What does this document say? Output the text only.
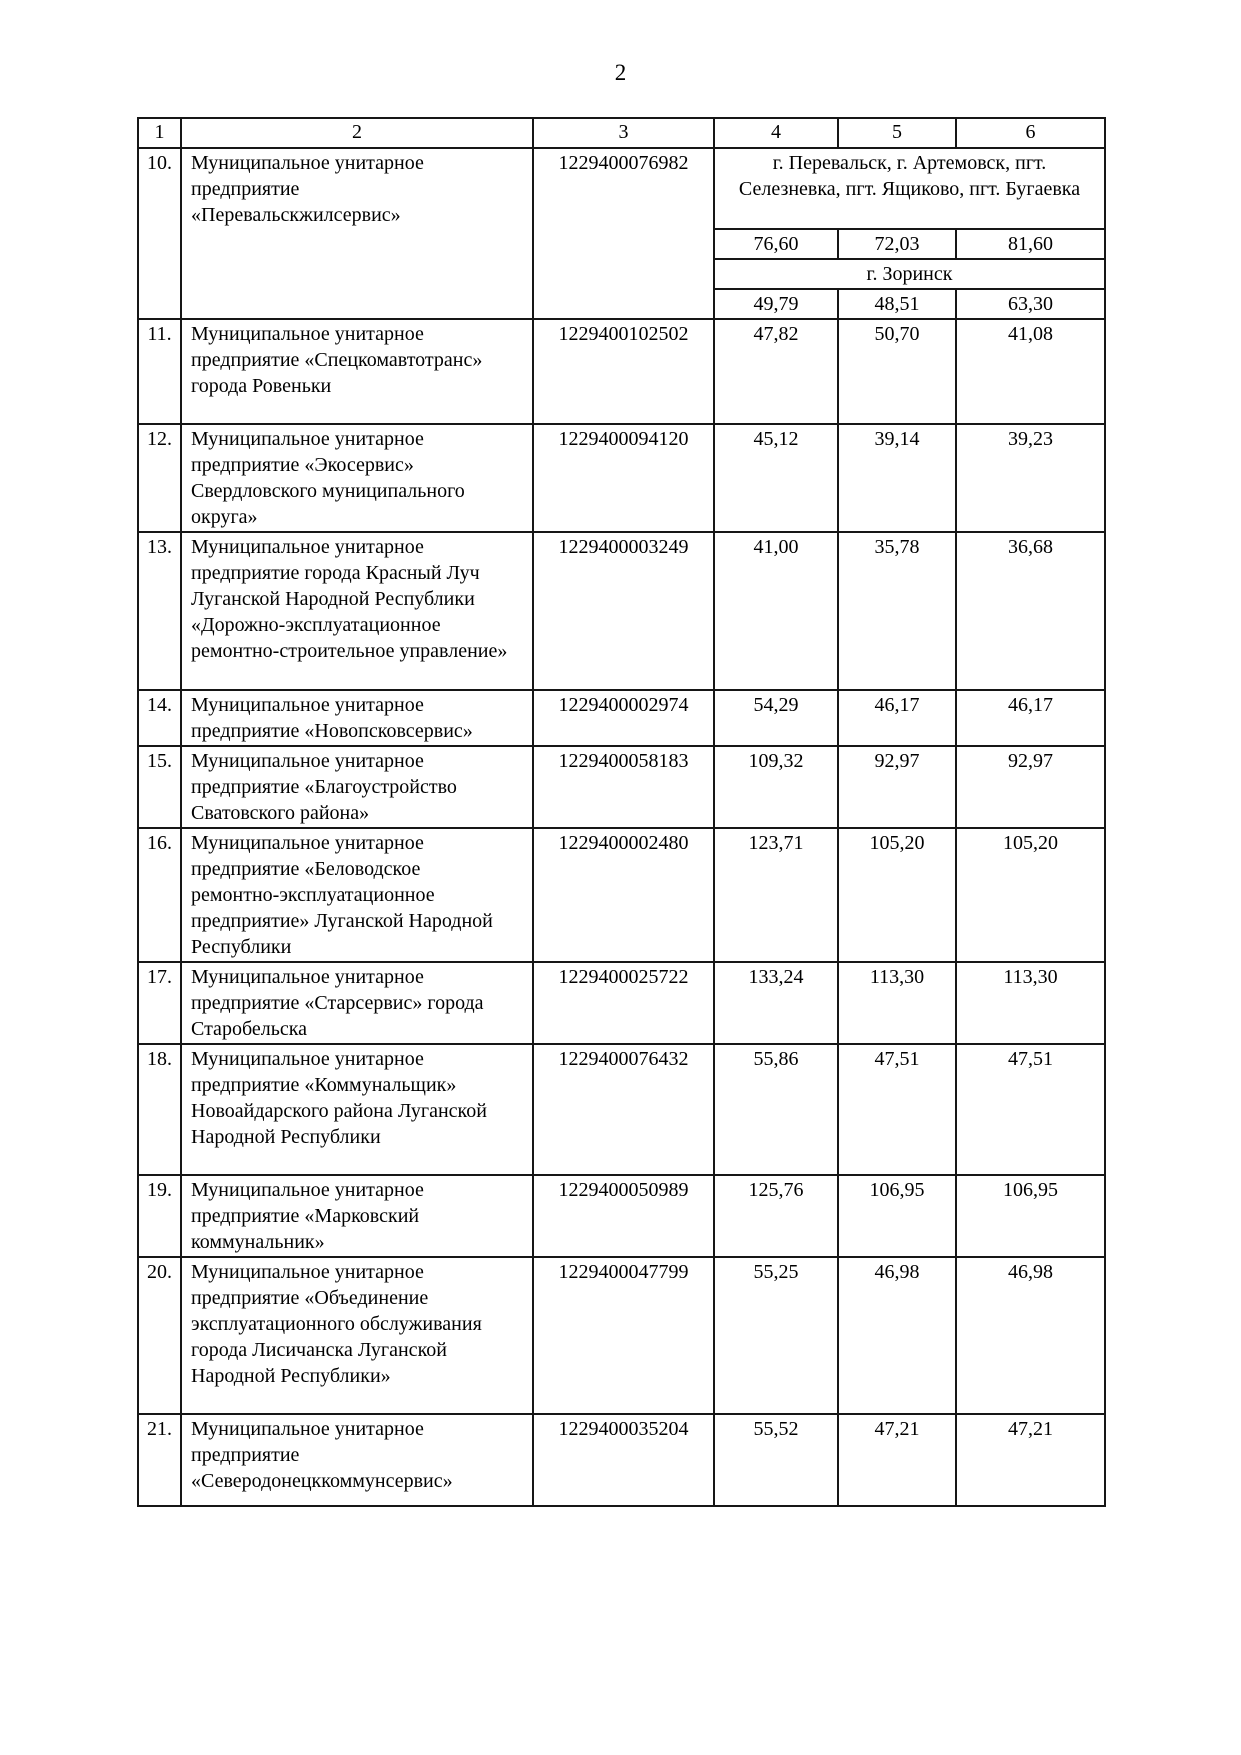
2
1	2	3	4	5	6
10.	Муниципальное унитарное предприятие «Перевальскжилсервис»	1229400076982	г. Перевальск, г. Артемовск, пгт. Селезневка, пгт. Ящиково, пгт. Бугаевка		
			76,60	72,03	81,60
			г. Зоринск		
			49,79	48,51	63,30
11.	Муниципальное унитарное предприятие «Спецкомавтотранс» города Ровеньки	1229400102502	47,82	50,70	41,08
12.	Муниципальное унитарное предприятие «Экосервис» Свердловского муниципального округа»	1229400094120	45,12	39,14	39,23
13.	Муниципальное унитарное предприятие города Красный Луч Луганской Народной Республики «Дорожно-эксплуатационное ремонтно-строительное управление»	1229400003249	41,00	35,78	36,68
14.	Муниципальное унитарное предприятие «Новопсковсервис»	1229400002974	54,29	46,17	46,17
15.	Муниципальное унитарное предприятие «Благоустройство Сватовского района»	1229400058183	109,32	92,97	92,97
16.	Муниципальное унитарное предприятие «Беловодское ремонтно-эксплуатационное предприятие» Луганской Народной Республики	1229400002480	123,71	105,20	105,20
17.	Муниципальное унитарное предприятие «Старсервис» города Старобельска	1229400025722	133,24	113,30	113,30
18.	Муниципальное унитарное предприятие «Коммунальщик» Новоайдарского района Луганской Народной Республики	1229400076432	55,86	47,51	47,51
19.	Муниципальное унитарное предприятие «Марковский коммунальник»	1229400050989	125,76	106,95	106,95
20.	Муниципальное унитарное предприятие «Объединение эксплуатационного обслуживания города Лисичанска Луганской Народной Республики»	1229400047799	55,25	46,98	46,98
21.	Муниципальное унитарное предприятие «Северодонецккоммунсервис»	1229400035204	55,52	47,21	47,21
